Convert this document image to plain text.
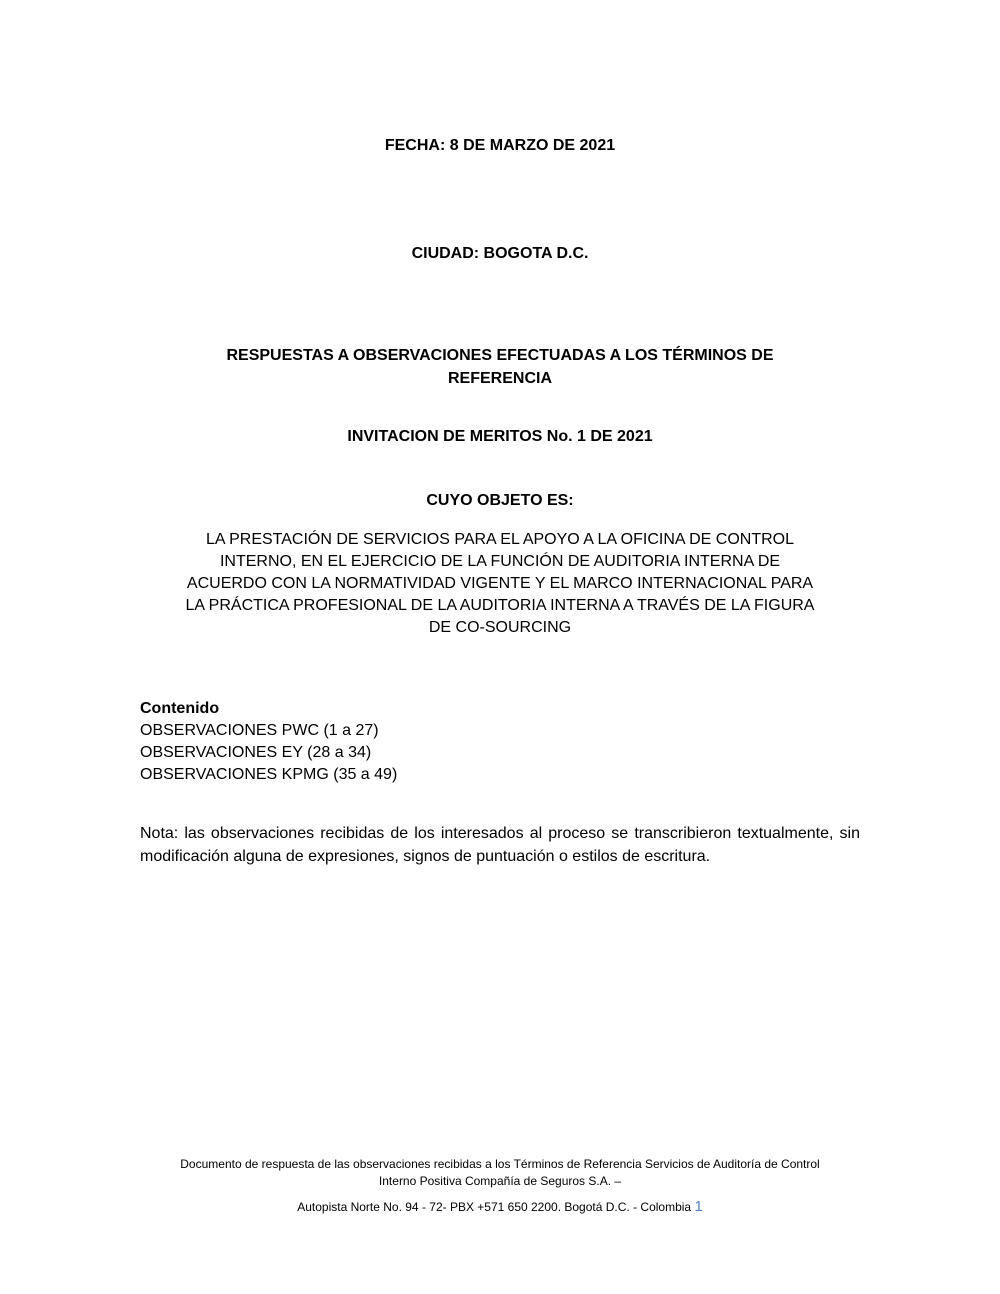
FECHA: 8 DE MARZO DE 2021
CIUDAD: BOGOTA D.C.
RESPUESTAS A OBSERVACIONES EFECTUADAS A LOS TÉRMINOS DE
REFERENCIA
INVITACION DE MERITOS No. 1 DE 2021
CUYO OBJETO ES:
LA PRESTACIÓN DE SERVICIOS PARA EL APOYO A LA OFICINA DE CONTROL
INTERNO, EN EL EJERCICIO DE LA FUNCIÓN DE AUDITORIA INTERNA DE
ACUERDO CON LA NORMATIVIDAD VIGENTE Y EL MARCO INTERNACIONAL PARA
LA PRÁCTICA PROFESIONAL DE LA AUDITORIA INTERNA A TRAVÉS DE LA FIGURA
DE CO-SOURCING
Contenido
OBSERVACIONES PWC (1 a 27)
OBSERVACIONES EY (28 a 34)
OBSERVACIONES KPMG (35 a 49)
Nota: las observaciones recibidas de los interesados al proceso se transcribieron textualmente, sin modificación alguna de expresiones, signos de puntuación o estilos de escritura.
Documento de respuesta de las observaciones recibidas a los Términos de Referencia Servicios de Auditoría de Control
Interno Positiva Compañía de Seguros S.A. –
Autopista Norte No. 94 - 72- PBX +571 650 2200. Bogotá D.C. - Colombia 1
